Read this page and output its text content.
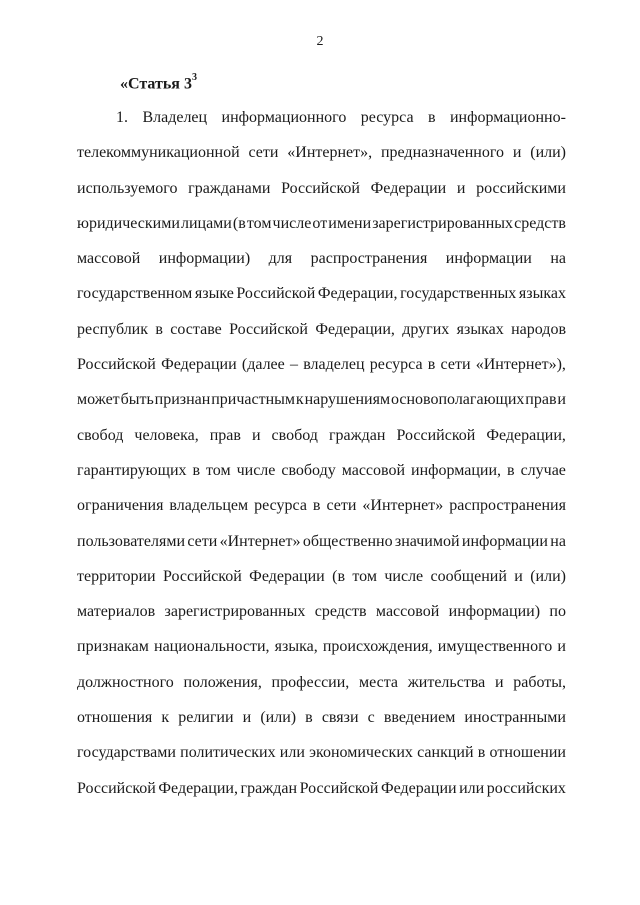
2
«Статья $3^3$
1. Владелец информационного ресурса в информационно-
телекоммуникационной сети «Интернет», предназначенного и (или)
используемого гражданами Российской Федерации и российскими
юридическими лицами (в том числе от имени зарегистрированных средств
массовой информации) для распространения информации на
государственном языке Российской Федерации, государственных языках
республик в составе Российской Федерации, других языках народов
Российской Федерации (далее – владелец ресурса в сети «Интернет»),
может быть признан причастным к нарушениям основополагающих прав и
свобод человека, прав и свобод граждан Российской Федерации,
гарантирующих в том числе свободу массовой информации, в случае
ограничения владельцем ресурса в сети «Интернет» распространения
пользователями сети «Интернет» общественно значимой информации на
территории Российской Федерации (в том числе сообщений и (или)
материалов зарегистрированных средств массовой информации) по
признакам национальности, языка, происхождения, имущественного и
должностного положения, профессии, места жительства и работы,
отношения к религии и (или) в связи с введением иностранными
государствами политических или экономических санкций в отношении
Российской Федерации, граждан Российской Федерации или российских
